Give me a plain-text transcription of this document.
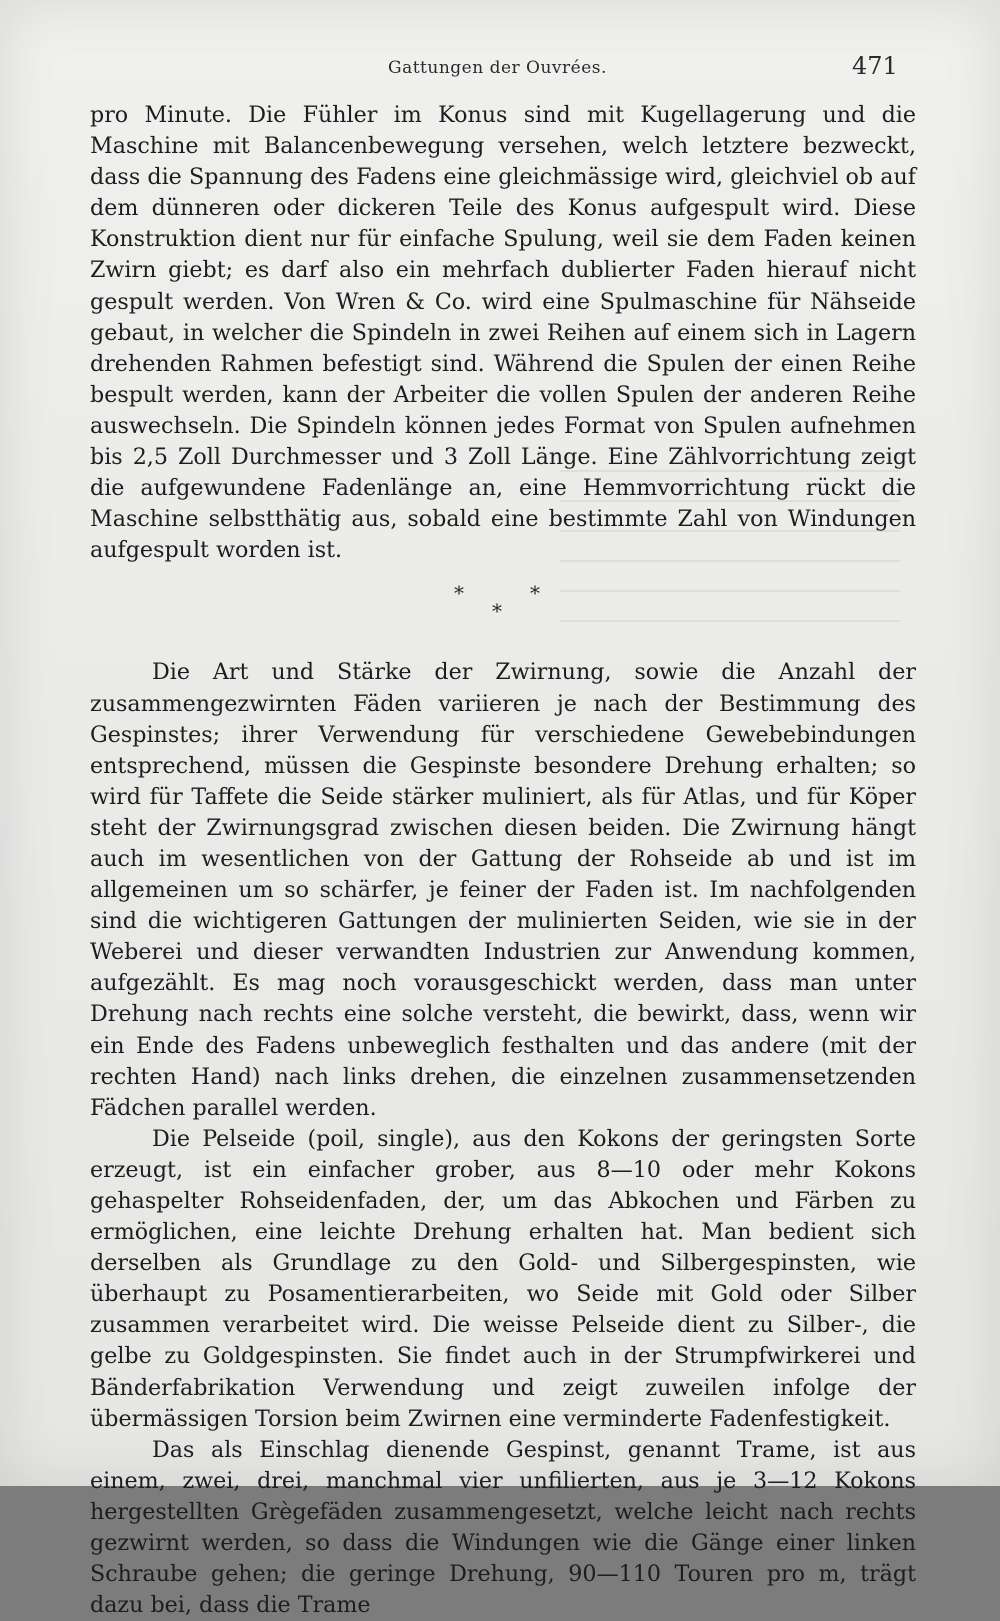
Gattungen der Ouvrées.	471

pro Minute. Die Fühler im Konus sind mit Kugellagerung und die Maschine mit Balancenbewegung versehen, welch letztere bezweckt, dass die Spannung des Fadens eine gleichmässige wird, gleichviel ob auf dem dünneren oder dickeren Teile des Konus aufgespult wird. Diese Konstruktion dient nur für einfache Spulung, weil sie dem Faden keinen Zwirn giebt; es darf also ein mehrfach dublierter Faden hierauf nicht gespult werden. Von Wren & Co. wird eine Spulmaschine für Nähseide gebaut, in welcher die Spindeln in zwei Reihen auf einem sich in Lagern drehenden Rahmen befestigt sind. Während die Spulen der einen Reihe bespult werden, kann der Arbeiter die vollen Spulen der anderen Reihe auswechseln. Die Spindeln können jedes Format von Spulen aufnehmen bis 2,5 Zoll Durchmesser und 3 Zoll Länge. Eine Zählvorrichtung zeigt die aufgewundene Fadenlänge an, eine Hemmvorrichtung rückt die Maschine selbstthätig aus, sobald eine bestimmte Zahl von Windungen aufgespult worden ist.

*	*
*

Die Art und Stärke der Zwirnung, sowie die Anzahl der zusammengezwirnten Fäden variieren je nach der Bestimmung des Gespinstes; ihrer Verwendung für verschiedene Gewebebindungen entsprechend, müssen die Gespinste besondere Drehung erhalten; so wird für Taffete die Seide stärker muliniert, als für Atlas, und für Köper steht der Zwirnungsgrad zwischen diesen beiden. Die Zwirnung hängt auch im wesentlichen von der Gattung der Rohseide ab und ist im allgemeinen um so schärfer, je feiner der Faden ist. Im nachfolgenden sind die wichtigeren Gattungen der mulinierten Seiden, wie sie in der Weberei und dieser verwandten Industrien zur Anwendung kommen, aufgezählt. Es mag noch vorausgeschickt werden, dass man unter Drehung nach rechts eine solche versteht, die bewirkt, dass, wenn wir ein Ende des Fadens unbeweglich festhalten und das andere (mit der rechten Hand) nach links drehen, die einzelnen zusammensetzenden Fädchen parallel werden.

Die Pelseide (poil, single), aus den Kokons der geringsten Sorte erzeugt, ist ein einfacher grober, aus 8—10 oder mehr Kokons gehaspelter Rohseidenfaden, der, um das Abkochen und Färben zu ermöglichen, eine leichte Drehung erhalten hat. Man bedient sich derselben als Grundlage zu den Gold- und Silbergespinsten, wie überhaupt zu Posamentierarbeiten, wo Seide mit Gold oder Silber zusammen verarbeitet wird. Die weisse Pelseide dient zu Silber-, die gelbe zu Goldgespinsten. Sie findet auch in der Strumpfwirkerei und Bänderfabrikation Verwendung und zeigt zuweilen infolge der übermässigen Torsion beim Zwirnen eine verminderte Fadenfestigkeit.

Das als Einschlag dienende Gespinst, genannt Trame, ist aus einem, zwei, drei, manchmal vier unfilierten, aus je 3—12 Kokons hergestellten Grègefäden zusammengesetzt, welche leicht nach rechts gezwirnt werden, so dass die Windungen wie die Gänge einer linken Schraube gehen; die geringe Drehung, 90—110 Touren pro m, trägt dazu bei, dass die Trame
